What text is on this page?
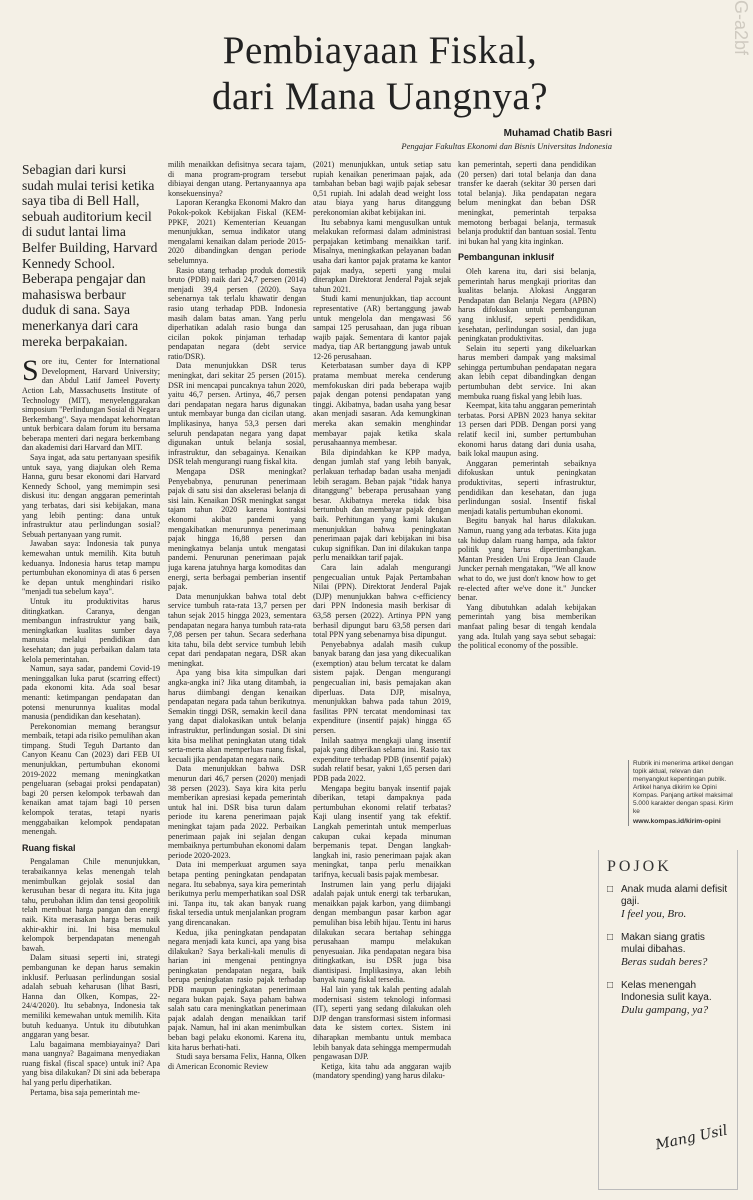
G-a2bf
Pembiayaan Fiskal,
dari Mana Uangnya?
Muhamad Chatib Basri
Pengajar Fakultas Ekonomi dan Bisnis Universitas Indonesia

Sebagian dari kursi sudah mulai terisi ketika saya tiba di Bell Hall, sebuah auditorium kecil di sudut lantai lima Belfer Building, Harvard Kennedy School. Beberapa pengajar dan mahasiswa berbaur duduk di sana. Saya menerkanya dari cara mereka berpakaian.

Sore itu, Center for International Development, Harvard University; dan Abdul Latif Jameel Poverty Action Lab, Massachusetts Institute of Technology (MIT), menyelenggarakan simposium "Perlindungan Sosial di Negara Berkembang". Saya mendapat kehormatan untuk berbicara dalam forum itu bersama beberapa menteri dari negara berkembang dan akademisi dari Harvard dan MIT.

Saya ingat, ada satu pertanyaan spesifik untuk saya, yang diajukan oleh Rema Hanna, guru besar ekonomi dari Harvard Kennedy School, yang memimpin sesi diskusi itu: dengan anggaran pemerintah yang terbatas, dari sisi kebijakan, mana yang lebih penting: dana untuk infrastruktur atau perlindungan sosial? Sebuah pertanyaan yang rumit.

Jawaban saya: Indonesia tak punya kemewahan untuk memilih. Kita butuh keduanya. Indonesia harus tetap mampu pertumbuhan ekonominya di atas 6 persen ke depan untuk menghindari risiko "menjadi tua sebelum kaya".

Untuk itu produktivitas harus ditingkatkan. Caranya, dengan membangun infrastruktur yang baik, meningkatkan kualitas sumber daya manusia melalui pendidikan dan kesehatan; dan juga perbaikan dalam tata kelola pemerintahan.

Namun, saya sadar, pandemi Covid-19 meninggalkan luka parut (scarring effect) pada ekonomi kita. Ada soal besar menanti: ketimpangan pendapatan dan potensi menurunnya kualitas modal manusia (pendidikan dan kesehatan).

Perekonomian memang berangsur membaik, tetapi ada risiko pemulihan akan timpang. Studi Teguh Dartanto dan Canyon Keanu Can (2023) dari FEB UI menunjukkan, pertumbuhan ekonomi 2019-2022 memang meningkatkan pengeluaran (sebagai proksi pendapatan) bagi 20 persen kelompok terbawah dan kenaikan amat tajam bagi 10 persen kelompok teratas, tetapi nyaris menggabaikan kelompok pendapatan menengah.

Ruang fiskal

Pengalaman Chile menunjukkan, terabaikannya kelas menengah telah menimbulkan gejolak sosial dan kerusuhan besar di negara itu. Kita juga tahu, perubahan iklim dan tensi geopolitik telah membuat harga pangan dan energi naik. Kita merasakan harga beras naik akhir-akhir ini. Ini bisa memukul kelompok berpendapatan menengah bawah.

Dalam situasi seperti ini, strategi pembangunan ke depan harus semakin inklusif. Perluasan perlindungan sosial adalah sebuah keharusan (lihat Basri, Hanna dan Olken, Kompas, 22-24/4/2020). Itu sebabnya, Indonesia tak memiliki kemewahan untuk memilih. Kita butuh keduanya. Untuk itu dibutuhkan anggaran yang besar.

Lalu bagaimana membiayainya? Dari mana uangnya? Bagaimana menyediakan ruang fiskal (fiscal space) untuk ini? Apa yang bisa dilakukan? Di sini ada beberapa hal yang perlu diperhatikan.

Pertama, bisa saja pemerintah me-

milih menaikkan defisitnya secara tajam, di mana program-program tersebut dibiayai dengan utang. Pertanyaannya apa konsekuensinya?

Laporan Kerangka Ekonomi Makro dan Pokok-pokok Kebijakan Fiskal (KEM-PPKF, 2021) Kementerian Keuangan menunjukkan, semua indikator utang mengalami kenaikan dalam periode 2015-2020 dibandingkan dengan periode sebelumnya.

Rasio utang terhadap produk domestik bruto (PDB) naik dari 24,7 persen (2014) menjadi 39,4 persen (2020). Saya sebenarnya tak terlalu khawatir dengan rasio utang terhadap PDB. Indonesia masih dalam batas aman. Yang perlu diperhatikan adalah rasio bunga dan cicilan pokok pinjaman terhadap pendapatan negara (debt service ratio/DSR).

Data menunjukkan DSR terus meningkat, dari sekitar 25 persen (2015). DSR ini mencapai puncaknya tahun 2020, yaitu 46,7 persen. Artinya, 46,7 persen dari pendapatan negara harus digunakan untuk membayar bunga dan cicilan utang. Implikasinya, hanya 53,3 persen dari seluruh pendapatan negara yang dapat digunakan untuk belanja sosial, infrastruktur, dan sebagainya. Kenaikan DSR telah mengurangi ruang fiskal kita.

Mengapa DSR meningkat? Penyebabnya, penurunan penerimaan pajak di satu sisi dan akselerasi belanja di sisi lain. Kenaikan DSR meningkat sangat tajam tahun 2020 karena kontraksi ekonomi akibat pandemi yang mengakibatkan menurunnya penerimaan pajak hingga 16,88 persen dan meningkatnya belanja untuk mengatasi pandemi. Penurunan penerimaan pajak juga karena jatuhnya harga komoditas dan energi, serta berbagai pemberian insentif pajak.

Data menunjukkan bahwa total debt service tumbuh rata-rata 13,7 persen per tahun sejak 2015 hingga 2023, sementara pendapatan negara hanya tumbuh rata-rata 7,08 persen per tahun. Secara sederhana kita tahu, bila debt service tumbuh lebih cepat dari pendapatan negara, DSR akan meningkat.

Apa yang bisa kita simpulkan dari angka-angka ini? Jika utang ditambah, ia harus diimbangi dengan kenaikan pendapatan negara pada tahun berikutnya. Semakin tinggi DSR, semakin kecil dana yang dapat dialokasikan untuk belanja infrastruktur, perlindungan sosial. Di sini kita bisa melihat peningkatan utang tidak serta-merta akan memperluas ruang fiskal, kecuali jika pendapatan negara naik.

Data menunjukkan bahwa DSR menurun dari 46,7 persen (2020) menjadi 38 persen (2023). Saya kira kita perlu memberikan apresiasi kepada pemerintah untuk hal ini. DSR bisa turun dalam periode itu karena penerimaan pajak meningkat tajam pada 2022. Perbaikan penerimaan pajak ini sejalan dengan membaiknya pertumbuhan ekonomi dalam periode 2020-2023.

Data ini memperkuat argumen saya betapa penting peningkatan pendapatan negara. Itu sebabnya, saya kira pemerintah berikutnya perlu memperhatikan soal DSR ini. Tanpa itu, tak akan banyak ruang fiskal tersedia untuk menjalankan program yang direncanakan.

Kedua, jika peningkatan pendapatan negara menjadi kata kunci, apa yang bisa dilakukan? Saya berkali-kali menulis di harian ini mengenai pentingnya peningkatan pendapatan negara, baik berupa peningkatan rasio pajak terhadap PDB maupun peningkatan penerimaan negara bukan pajak. Saya paham bahwa salah satu cara meningkatkan penerimaan pajak adalah dengan menaikkan tarif pajak. Namun, hal ini akan menimbulkan beban bagi pelaku ekonomi. Karena itu, kita harus berhati-hati.

Studi saya bersama Felix, Hanna, Olken di American Economic Review

(2021) menunjukkan, untuk setiap satu rupiah kenaikan penerimaan pajak, ada tambahan beban bagi wajib pajak sebesar 0,51 rupiah. Ini adalah dead weight loss atau biaya yang harus ditanggung perekonomian akibat kebijakan ini.

Itu sebabnya kami mengusulkan untuk melakukan reformasi dalam administrasi perpajakan ketimbang menaikkan tarif. Misalnya, meningkatkan pelayanan badan usaha dari kantor pajak pratama ke kantor pajak madya, seperti yang mulai diterapkan Direktorat Jenderal Pajak sejak tahun 2021.

Studi kami menunjukkan, tiap account representative (AR) bertanggung jawab untuk mengelola dan mengawasi 56 sampai 125 perusahaan, dan juga ribuan wajib pajak. Sementara di kantor pajak madya, tiap AR bertanggung jawab untuk 12-26 perusahaan.

Keterbatasan sumber daya di KPP pratama membuat mereka cenderung memfokuskan diri pada beberapa wajib pajak dengan potensi pendapatan yang tinggi. Akibatnya, badan usaha yang besar akan menjadi sasaran. Ada kemungkinan mereka akan semakin menghindar membayar pajak ketika skala perusahaannya membesar.

Bila dipindahkan ke KPP madya, dengan jumlah staf yang lebih banyak, perlakuan terhadap badan usaha menjadi lebih seragam. Beban pajak "tidak hanya ditanggung" beberapa perusahaan yang besar. Akibatnya mereka tidak bisa bertumbuh dan membayar pajak dengan baik. Perhitungan yang kami lakukan menunjukkan bahwa peningkatan penerimaan pajak dari kebijakan ini bisa cukup signifikan. Dan ini dilakukan tanpa perlu menaikkan tarif pajak.

Cara lain adalah mengurangi pengecualian untuk Pajak Pertambahan Nilai (PPN). Direktorat Jenderal Pajak (DJP) menunjukkan bahwa c-efficiency dari PPN Indonesia masih berkisar di 63,58 persen (2022). Artinya PPN yang berhasil dipungut baru 63,58 persen dari total PPN yang sebenarnya bisa dipungut.

Penyebabnya adalah masih cukup banyak barang dan jasa yang dikecualikan (exemption) atau belum tercatat ke dalam sistem pajak. Dengan mengurangi pengecualian ini, basis pemajakan akan diperluas. Data DJP, misalnya, menunjukkan bahwa pada tahun 2019, fasilitas PPN tercatat mendominasi tax expenditure (insentif pajak) hingga 65 persen.

Inilah saatnya mengkaji ulang insentif pajak yang diberikan selama ini. Rasio tax expenditure terhadap PDB (insentif pajak) sudah relatif besar, yakni 1,65 persen dari PDB pada 2022.

Mengapa begitu banyak insentif pajak diberikan, tetapi dampaknya pada pertumbuhan ekonomi relatif terbatas? Kaji ulang insentif yang tak efektif. Langkah pemerintah untuk memperluas cakupan cukai kepada minuman berpemanis tepat. Dengan langkah-langkah ini, rasio penerimaan pajak akan meningkat, tanpa perlu menaikkan tarifnya, kecuali basis pajak membesar.

Instrumen lain yang perlu dijajaki adalah pajak untuk energi tak terbarukan, menaikkan pajak karbon, yang diimbangi dengan membangun pasar karbon agar pemulihan bisa lebih hijau. Tentu ini harus dilakukan secara bertahap sehingga perusahaan mampu melakukan penyesuaian. Jika pendapatan negara bisa ditingkatkan, isu DSR juga bisa diantisipasi. Implikasinya, akan lebih banyak ruang fiskal tersedia.

Hal lain yang tak kalah penting adalah modernisasi sistem teknologi informasi (IT), seperti yang sedang dilakukan oleh DJP dengan transformasi sistem informasi data ke sistem cortex. Sistem ini diharapkan membantu untuk membaca lebih banyak data sehingga mempermudah pengawasan DJP.

Ketiga, kita tahu ada anggaran wajib (mandatory spending) yang harus dilaku-

kan pemerintah, seperti dana pendidikan (20 persen) dari total belanja dan dana transfer ke daerah (sekitar 30 persen dari total belanja). Jika pendapatan negara belum meningkat dan beban DSR meningkat, pemerintah terpaksa memotong berbagai belanja, termasuk belanja produktif dan bantuan sosial. Tentu ini bukan hal yang kita inginkan.

Pembangunan inklusif

Oleh karena itu, dari sisi belanja, pemerintah harus mengkaji prioritas dan kualitas belanja. Alokasi Anggaran Pendapatan dan Belanja Negara (APBN) harus difokuskan untuk pembangunan yang inklusif, seperti pendidikan, kesehatan, perlindungan sosial, dan juga peningkatan produktivitas.

Selain itu seperti yang dikeluarkan harus memberi dampak yang maksimal sehingga pertumbuhan pendapatan negara akan lebih cepat dibandingkan dengan pertumbuhan debt service. Ini akan membuka ruang fiskal yang lebih luas.

Keempat, kita tahu anggaran pemerintah terbatas. Porsi APBN 2023 hanya sekitar 13 persen dari PDB. Dengan porsi yang relatif kecil ini, sumber pertumbuhan ekonomi harus datang dari dunia usaha, baik lokal maupun asing.

Anggaran pemerintah sebaiknya difokuskan untuk peningkatan produktivitas, seperti infrastruktur, pendidikan dan kesehatan, dan juga perlindungan sosial. Insentif fiskal menjadi katalis pertumbuhan ekonomi.

Begitu banyak hal harus dilakukan. Namun, ruang yang ada terbatas. Kita juga tak hidup dalam ruang hampa, ada faktor politik yang harus dipertimbangkan. Mantan Presiden Uni Eropa Jean Claude Juncker pernah mengatakan, "We all know what to do, we just don't know how to get re-elected after we've done it." Juncker benar.

Yang dibutuhkan adalah kebijakan pemerintah yang bisa memberikan manfaat paling besar di tengah kendala yang ada. Itulah yang saya sebut sebagai: the political economy of the possible.

Rubrik ini menerima artikel dengan topik aktual, relevan dan menyangkut kepentingan publik. Artikel hanya dikirim ke Opini Kompas. Panjang artikel maksimal 5.000 karakter dengan spasi. Kirim ke
www.kompas.id/kirim-opini
POJOK
□ Anak muda alami defisit gaji.
I feel you, Bro.
□ Makan siang gratis mulai dibahas.
Beras sudah beres?
□ Kelas menengah Indonesia sulit kaya.
Dulu gampang, ya?
Mang Usil
